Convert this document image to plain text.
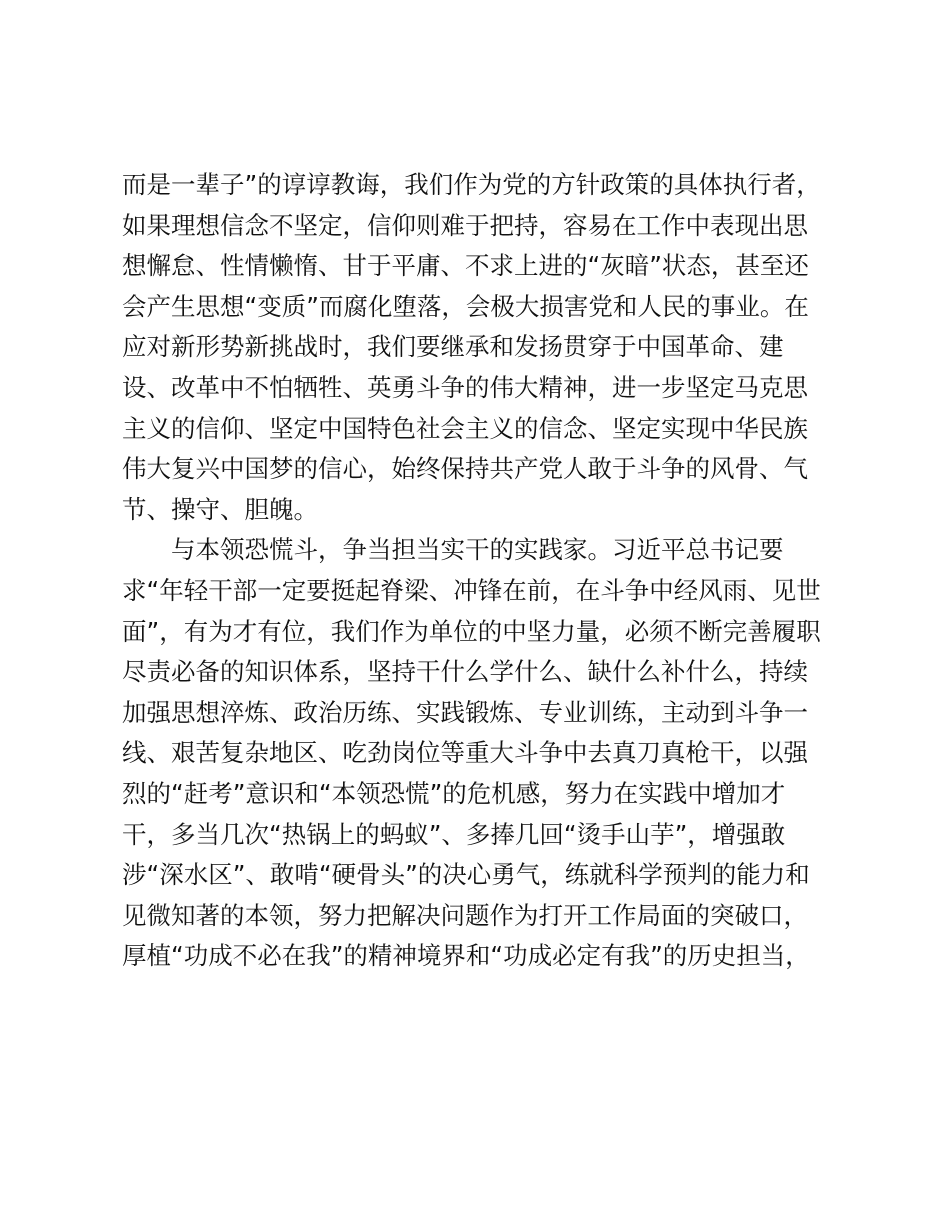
而是一辈子”的谆谆教诲，我们作为党的方针政策的具体执行者，
如果理想信念不坚定，信仰则难于把持，容易在工作中表现出思
想懈怠、性情懒惰、甘于平庸、不求上进的“灰暗”状态，甚至还
会产生思想“变质”而腐化堕落，会极大损害党和人民的事业。在
应对新形势新挑战时，我们要继承和发扬贯穿于中国革命、建
设、改革中不怕牺牲、英勇斗争的伟大精神，进一步坚定马克思
主义的信仰、坚定中国特色社会主义的信念、坚定实现中华民族
伟大复兴中国梦的信心，始终保持共产党人敢于斗争的风骨、气
节、操守、胆魄。
　　与本领恐慌斗，争当担当实干的实践家。习近平总书记要
求“年轻干部一定要挺起脊梁、冲锋在前，在斗争中经风雨、见世
面”，有为才有位，我们作为单位的中坚力量，必须不断完善履职
尽责必备的知识体系，坚持干什么学什么、缺什么补什么，持续
加强思想淬炼、政治历练、实践锻炼、专业训练，主动到斗争一
线、艰苦复杂地区、吃劲岗位等重大斗争中去真刀真枪干，以强
烈的“赶考”意识和“本领恐慌”的危机感，努力在实践中增加才
干，多当几次“热锅上的蚂蚁”、多捧几回“烫手山芋”，增强敢
涉“深水区”、敢啃“硬骨头”的决心勇气，练就科学预判的能力和
见微知著的本领，努力把解决问题作为打开工作局面的突破口，
厚植“功成不必在我”的精神境界和“功成必定有我”的历史担当，
